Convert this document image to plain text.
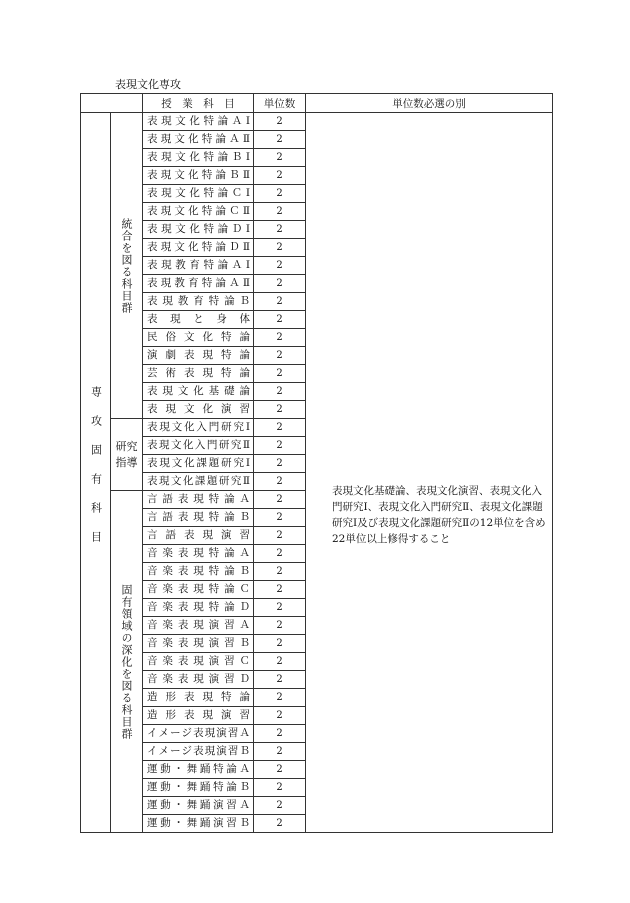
表現文化専攻
		授　業　科　目	単位数	単位数必選の別
専攻固有科目	統合を図る科目群	表現文化特論ＡⅠ	2	表現文化基礎論、表現文化演習、表現文化入門研究Ⅰ、表現文化入門研究Ⅱ、表現文化課題研究Ⅰ及び表現文化課題研究Ⅱの12単位を含め22単位以上修得すること

		表現文化特論ＡⅡ	2	
		表現文化特論ＢⅠ	2	
		表現文化特論ＢⅡ	2	
		表現文化特論ＣⅠ	2	
		表現文化特論ＣⅡ	2	
		表現文化特論ＤⅠ	2	
		表現文化特論ＤⅡ	2	
		表現教育特論ＡⅠ	2	
		表現教育特論ＡⅡ	2	
		表現教育特論Ｂ	2	
		表現と身体	2	
		民俗文化特論	2	
		演劇表現特論	2	
		芸術表現特論	2	
		表現文化基礎論	2	
		表現文化演習	2	
	研究指導	表現文化入門研究Ⅰ	2	
		表現文化入門研究Ⅱ	2	
		表現文化課題研究Ⅰ	2	
		表現文化課題研究Ⅱ	2	
	固有領域の深化を図る科目群	言語表現特論Ａ	2	
		言語表現特論Ｂ	2	
		言語表現演習	2	
		音楽表現特論Ａ	2	
		音楽表現特論Ｂ	2	
		音楽表現特論Ｃ	2	
		音楽表現特論Ｄ	2	
		音楽表現演習Ａ	2	
		音楽表現演習Ｂ	2	
		音楽表現演習Ｃ	2	
		音楽表現演習Ｄ	2	
		造形表現特論	2	
		造形表現演習	2	
		イメージ表現演習Ａ	2	
		イメージ表現演習Ｂ	2	
		運動・舞踊特論Ａ	2	
		運動・舞踊特論Ｂ	2	
		運動・舞踊演習Ａ	2	
		運動・舞踊演習Ｂ	2	
